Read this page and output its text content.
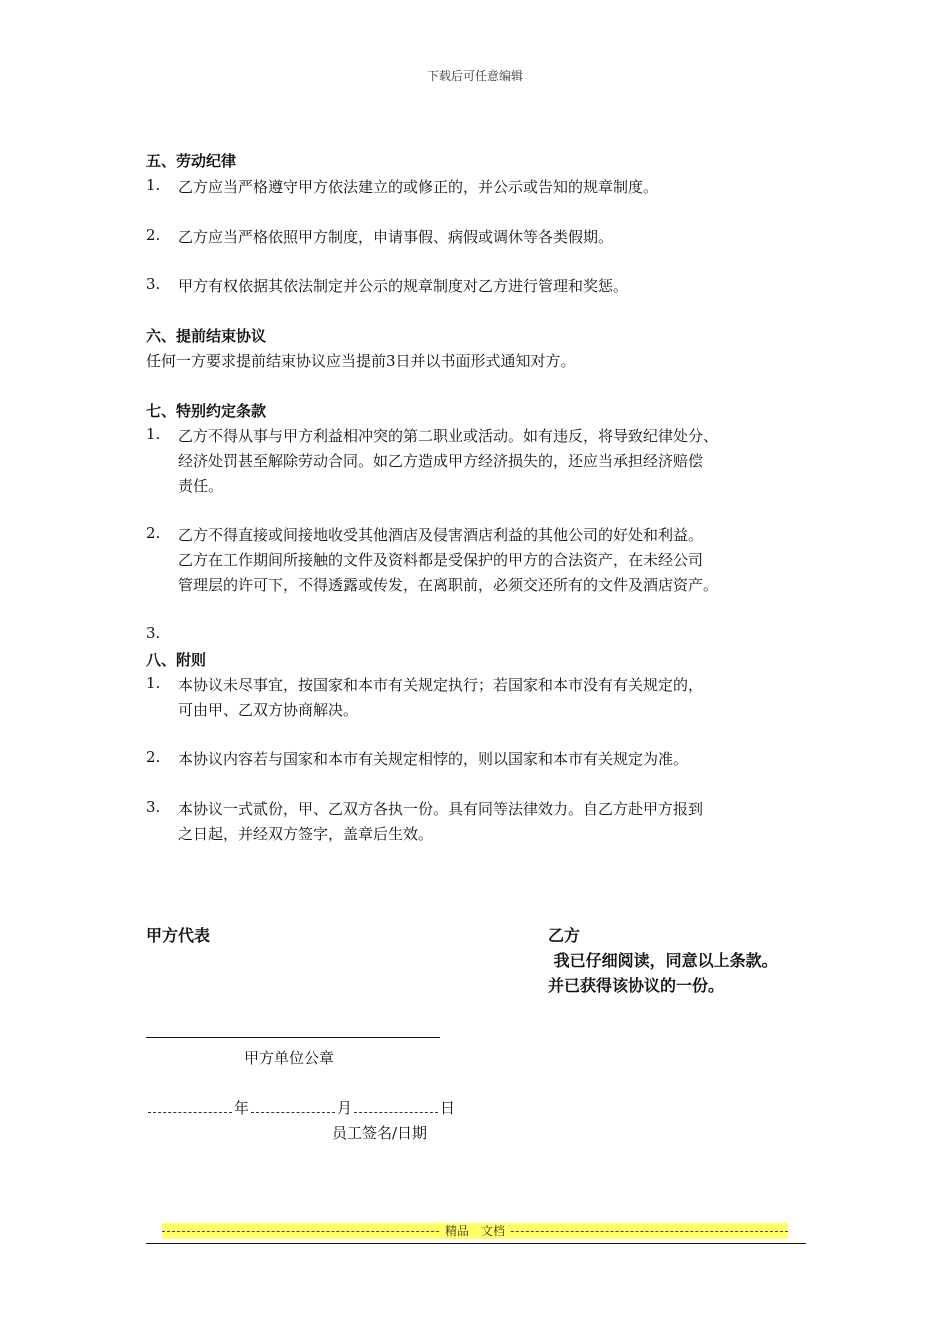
下载后可任意编辑
五、劳动纪律
1. 乙方应当严格遵守甲方依法建立的或修正的，并公示或告知的规章制度。
2. 乙方应当严格依照甲方制度，申请事假、病假或调休等各类假期。
3. 甲方有权依据其依法制定并公示的规章制度对乙方进行管理和奖惩。
六、提前结束协议
任何一方要求提前结束协议应当提前3日并以书面形式通知对方。
七、特别约定条款
1. 乙方不得从事与甲方利益相冲突的第二职业或活动。如有违反，将导致纪律处分、
经济处罚甚至解除劳动合同。如乙方造成甲方经济损失的，还应当承担经济赔偿
责任。
2. 乙方不得直接或间接地收受其他酒店及侵害酒店利益的其他公司的好处和利益。
乙方在工作期间所接触的文件及资料都是受保护的甲方的合法资产，在未经公司
管理层的许可下，不得透露或传发，在离职前，必须交还所有的文件及酒店资产。
3.
八、附则
1. 本协议未尽事宜，按国家和本市有关规定执行；若国家和本市没有有关规定的，
可由甲、乙双方协商解决。
2. 本协议内容若与国家和本市有关规定相悖的，则以国家和本市有关规定为准。
3. 本协议一式贰份，甲、乙双方各执一份。具有同等法律效力。自乙方赴甲方报到
之日起，并经双方签字，盖章后生效。
甲方代表	乙方
我已仔细阅读，同意以上条款。
并已获得该协议的一份。
甲方单位公章
年	月	日
员工签名/日期
精品　文档
